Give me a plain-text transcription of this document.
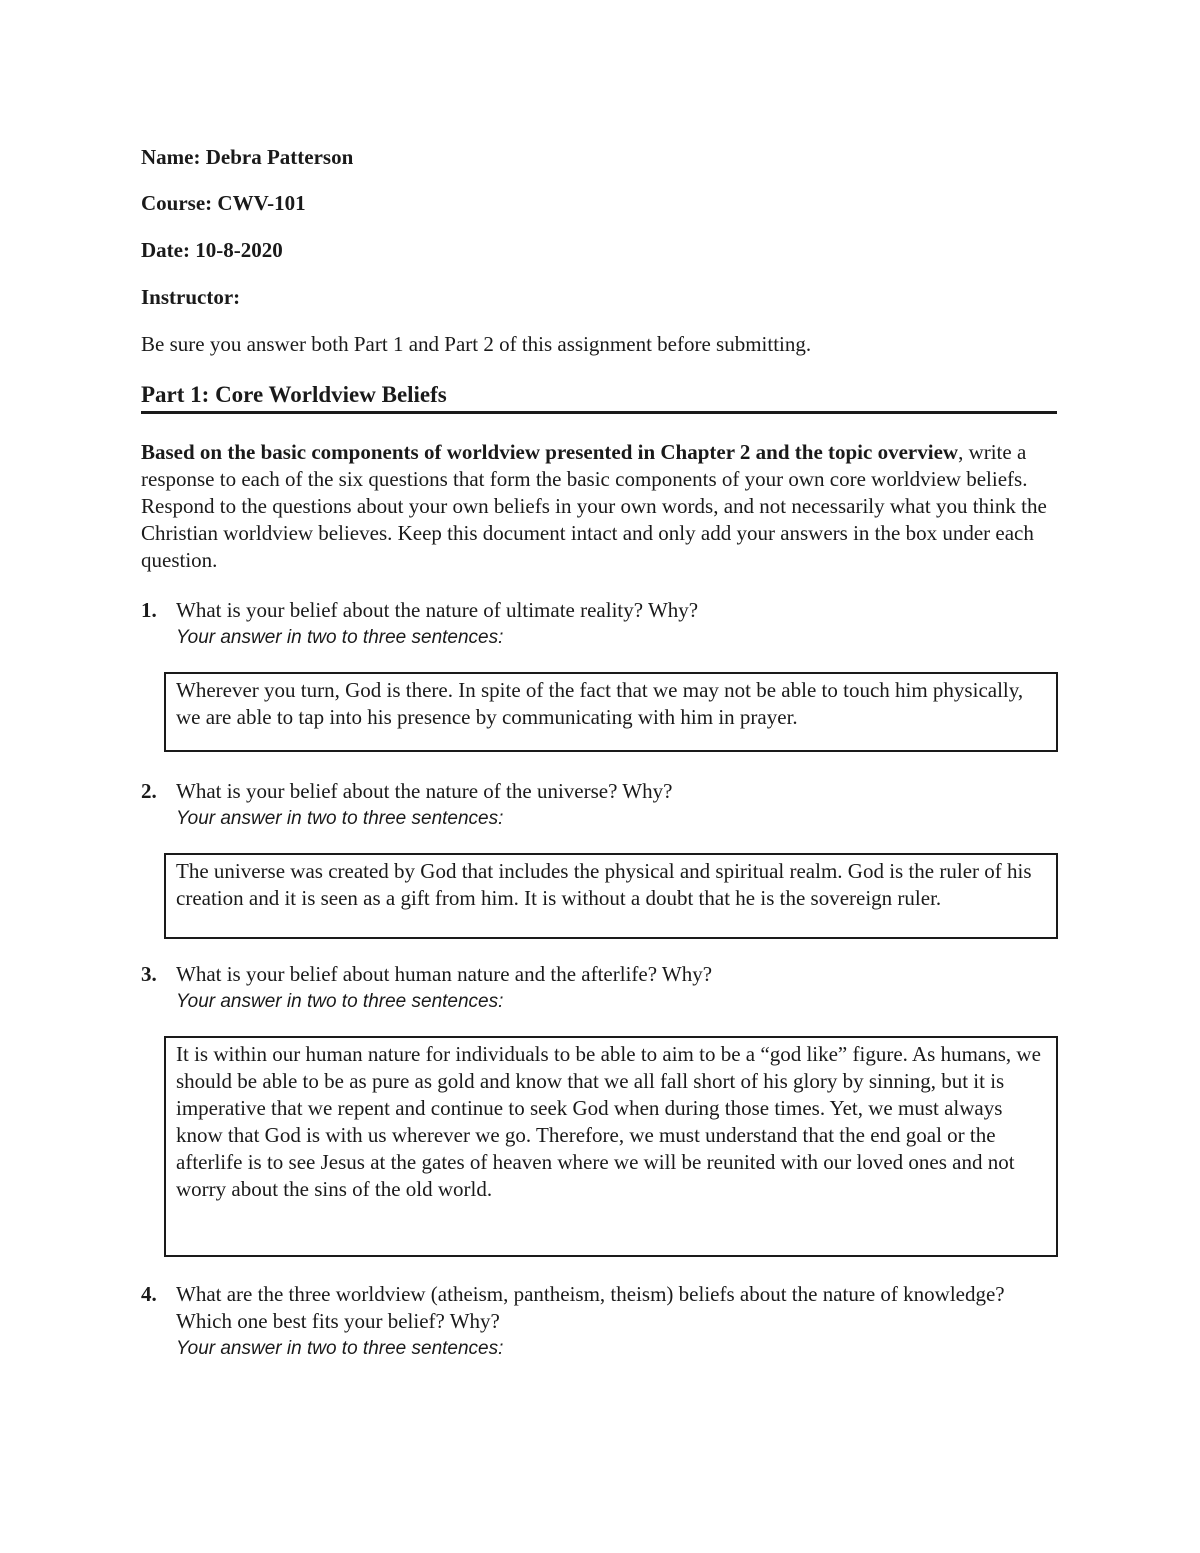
Name: Debra Patterson
Course: CWV-101
Date: 10-8-2020
Instructor:
Be sure you answer both Part 1 and Part 2 of this assignment before submitting.
Part 1: Core Worldview Beliefs
Based on the basic components of worldview presented in Chapter 2 and the topic overview, write a response to each of the six questions that form the basic components of your own core worldview beliefs. Respond to the questions about your own beliefs in your own words, and not necessarily what you think the Christian worldview believes. Keep this document intact and only add your answers in the box under each question.
1. What is your belief about the nature of ultimate reality? Why?
Your answer in two to three sentences:
Wherever you turn, God is there. In spite of the fact that we may not be able to touch him physically, we are able to tap into his presence by communicating with him in prayer.
2. What is your belief about the nature of the universe? Why?
Your answer in two to three sentences:
The universe was created by God that includes the physical and spiritual realm. God is the ruler of his creation and it is seen as a gift from him. It is without a doubt that he is the sovereign ruler.
3. What is your belief about human nature and the afterlife? Why?
Your answer in two to three sentences:
It is within our human nature for individuals to be able to aim to be a “god like” figure. As humans, we should be able to be as pure as gold and know that we all fall short of his glory by sinning, but it is imperative that we repent and continue to seek God when during those times. Yet, we must always know that God is with us wherever we go. Therefore, we must understand that the end goal or the afterlife is to see Jesus at the gates of heaven where we will be reunited with our loved ones and not worry about the sins of the old world.
4. What are the three worldview (atheism, pantheism, theism) beliefs about the nature of knowledge? Which one best fits your belief? Why?
Your answer in two to three sentences:
